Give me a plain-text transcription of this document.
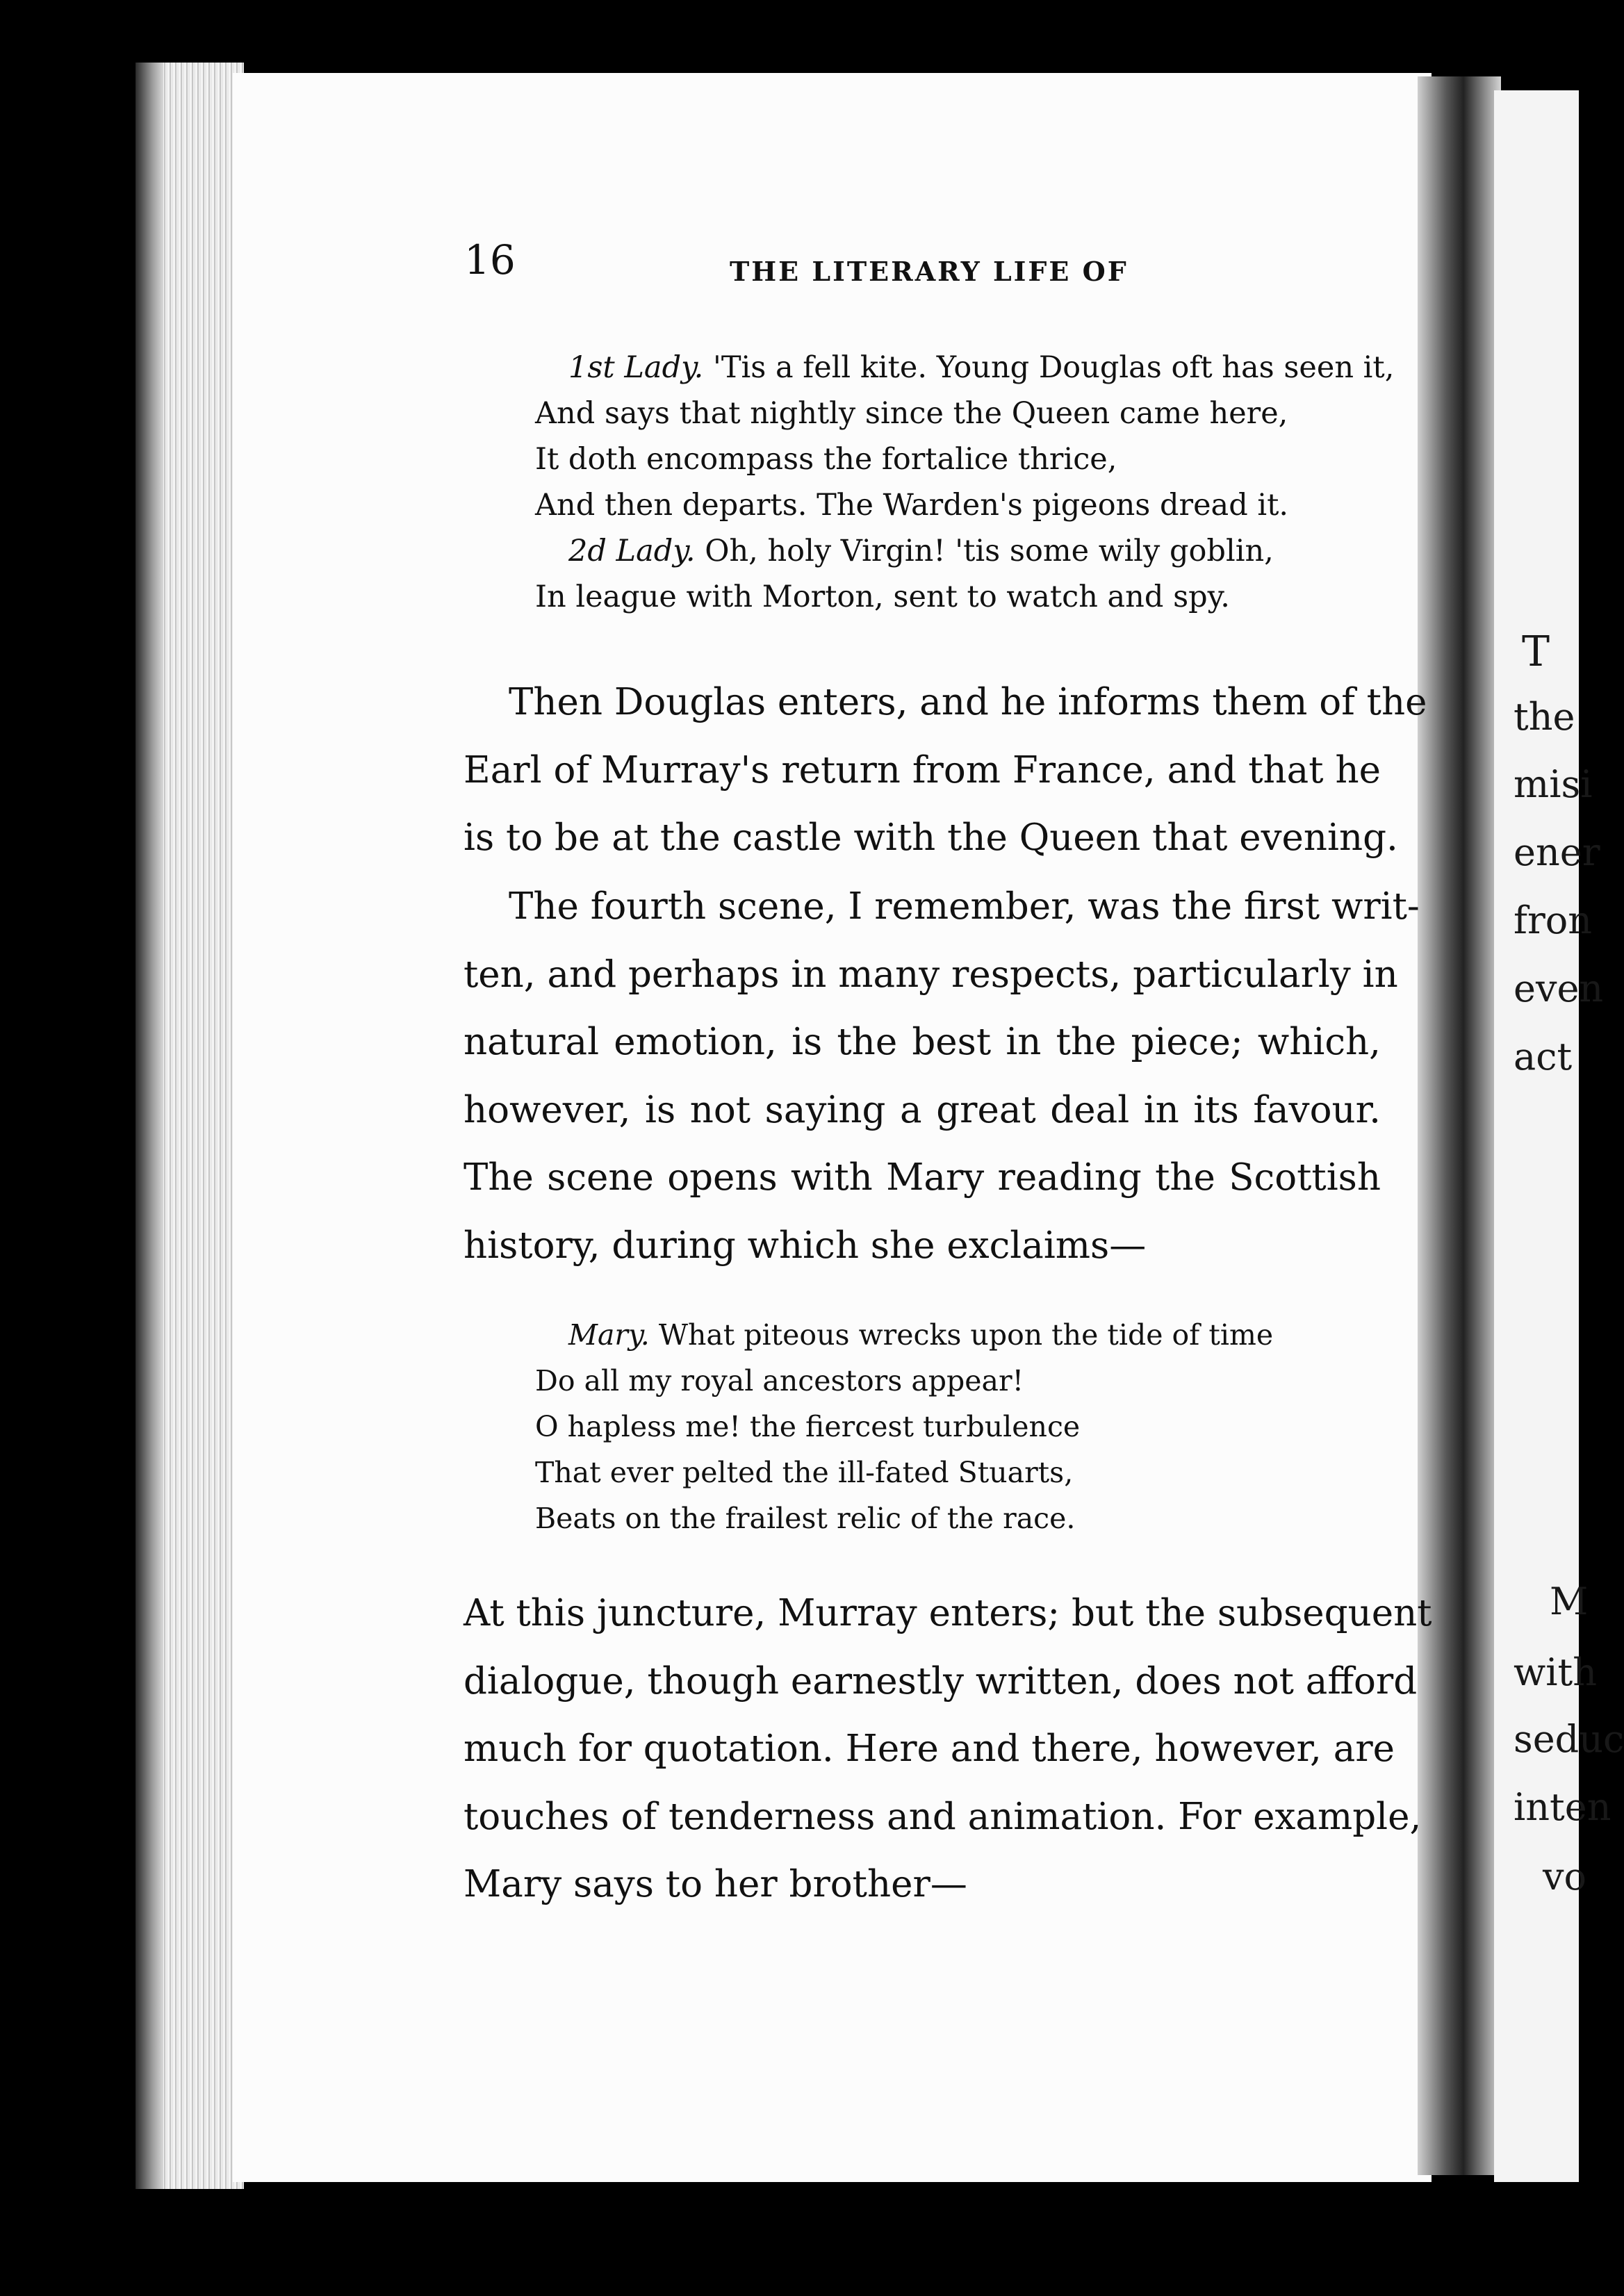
T
the
misi
ener
fron
even
act
M
with
seduc
inten
vo
16	THE LITERARY LIFE OF
1st Lady. 'Tis a fell kite. Young Douglas oft has seen it,
And says that nightly since the Queen came here,
It doth encompass the fortalice thrice,
And then departs. The Warden's pigeons dread it.
2d Lady. Oh, holy Virgin! 'tis some wily goblin,
In league with Morton, sent to watch and spy.
Then Douglas enters, and he informs them of the
Earl of Murray's return from France, and that he
is to be at the castle with the Queen that evening.
The fourth scene, I remember, was the first writ-
ten, and perhaps in many respects, particularly in
natural emotion, is the best in the piece; which,
however, is not saying a great deal in its favour.
The scene opens with Mary reading the Scottish
history, during which she exclaims—
Mary. What piteous wrecks upon the tide of time
Do all my royal ancestors appear!
O hapless me! the fiercest turbulence
That ever pelted the ill-fated Stuarts,
Beats on the frailest relic of the race.
At this juncture, Murray enters; but the subsequent
dialogue, though earnestly written, does not afford
much for quotation. Here and there, however, are
touches of tenderness and animation. For example,
Mary says to her brother—
